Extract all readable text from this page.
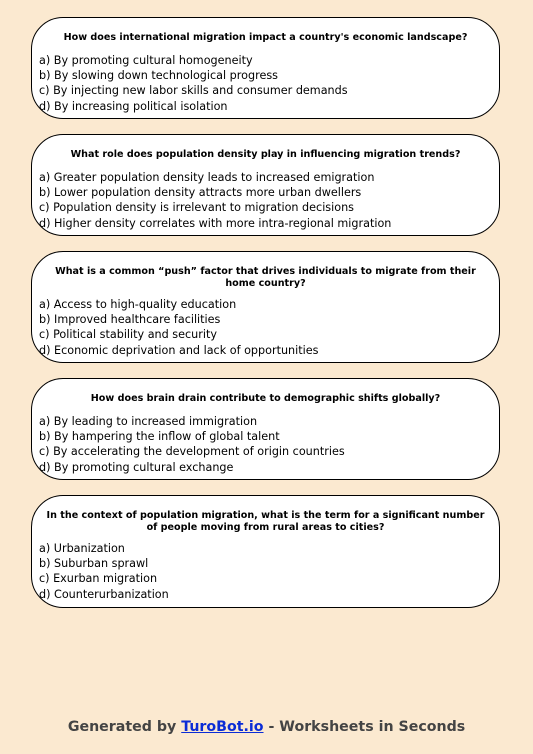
How does international migration impact a country's economic landscape?

a) By promoting cultural homogeneity
b) By slowing down technological progress
c) By injecting new labor skills and consumer demands
d) By increasing political isolation

What role does population density play in influencing migration trends?

a) Greater population density leads to increased emigration
b) Lower population density attracts more urban dwellers
c) Population density is irrelevant to migration decisions
d) Higher density correlates with more intra-regional migration

What is a common “push” factor that drives individuals to migrate from their home country?

a) Access to high-quality education
b) Improved healthcare facilities
c) Political stability and security
d) Economic deprivation and lack of opportunities

How does brain drain contribute to demographic shifts globally?

a) By leading to increased immigration
b) By hampering the inflow of global talent
c) By accelerating the development of origin countries
d) By promoting cultural exchange

In the context of population migration, what is the term for a significant number of people moving from rural areas to cities?

a) Urbanization
b) Suburban sprawl
c) Exurban migration
d) Counterurbanization
Generated by TuroBot.io - Worksheets in Seconds
